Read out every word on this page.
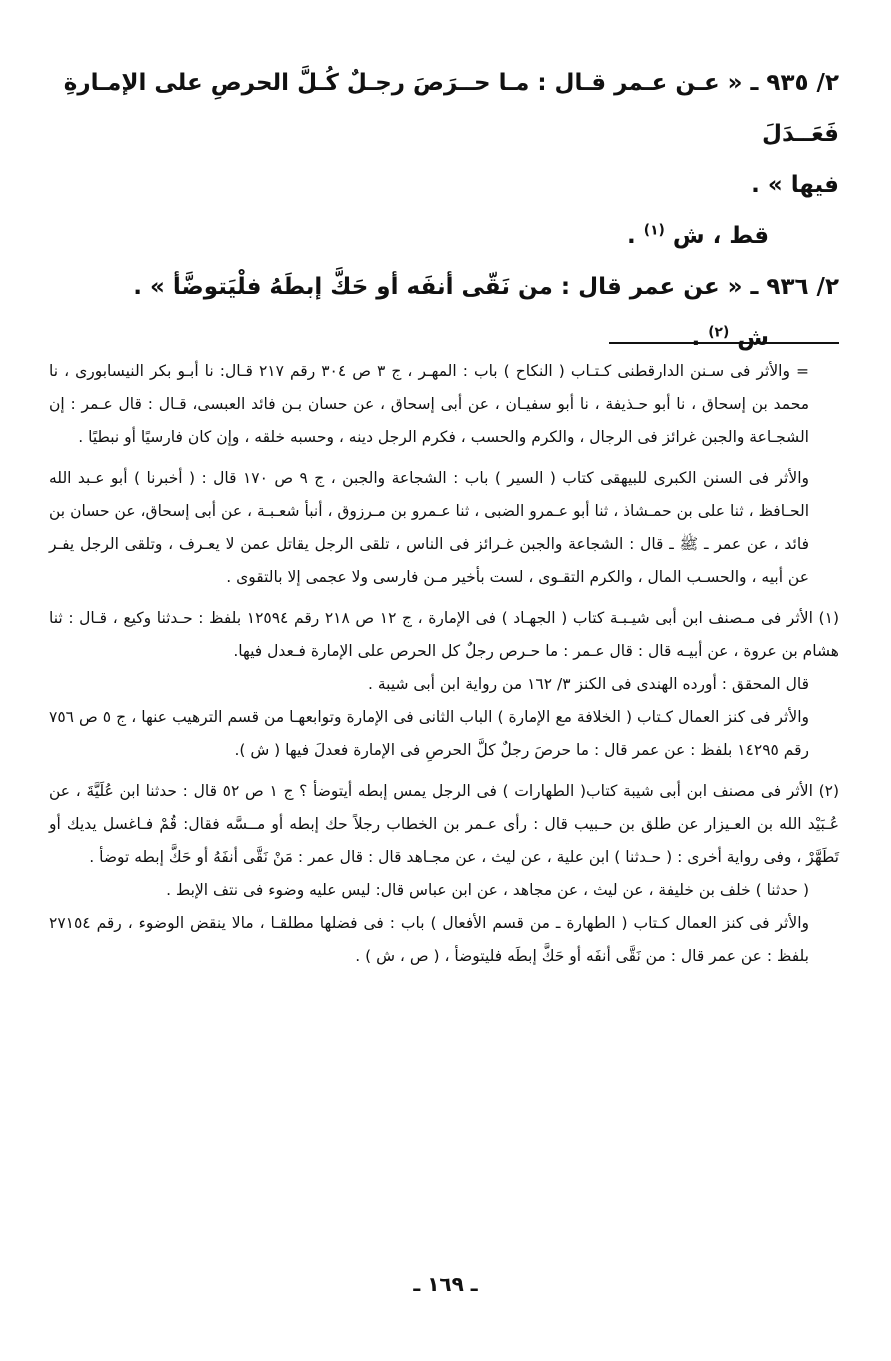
٢/ ٩٣٥ ـ « عـن عـمر قـال : مـا حــرَصَ رجـلٌ كُـلَّ الحرصِ على الإمـارةِ فَعَــدَلَ

فيها » .

قط ، ش $^{(١)}$ .

٢/ ٩٣٦ ـ « عن عمر قال : من نَقّى أنفَه أو حَكَّ إبطَهُ فلْيَتوضَّأ » .

ش $^{(٢)}$ .

= والأثر فى سـنن الدارقطنى كـتـاب ( النكاح ) باب : المهـر ، ج ٣ ص ٣٠٤ رقم ٢١٧ قـال: نا أبـو بكر النيسابورى ، نا محمد بن إسحاق ، نا أبو حـذيفة ، نا أبو سفيـان ، عن أبى إسحاق ، عن حسان بـن فائد العبسى، قـال : قال عـمر : إن الشجـاعة والجبن غرائز فى الرجال ، والكرم والحسب ، فكرم الرجل دينه ، وحسبه خلقه ، وإن كان فارسيًا أو نبطيًا .

والأثر فى السنن الكبرى للبيهقى كتاب ( السير ) باب : الشجاعة والجبن ، ج ٩ ص ١٧٠ قال : ( أخبرنا ) أبو عـبد الله الحـافظ ، ثنا على بن حمـشاذ ، ثنا أبو عـمرو الضبى ، ثنا عـمرو بن مـرزوق ، أنبأ شعـبـة ، عن أبى إسحاق، عن حسان بن فائد ، عن عمر ـ ﷺ ـ قال : الشجاعة والجبن غـرائز فى الناس ، تلقى الرجل يقاتل عمن لا يعـرف ، وتلقى الرجل يفـر عن أبيه ، والحسـب المال ، والكرم التقـوى ، لست بأخير مـن فارسى ولا عجمى إلا بالتقوى .

(١) الأثر فى مـصنف ابن أبى شيـبـة كتاب ( الجهـاد ) فى الإمارة ، ج ١٢ ص ٢١٨ رقم ١٢٥٩٤ بلفظ : حـدثنا وكيع ، قـال : ثنا هشام بن عروة ، عن أبيـه قال : قال عـمر : ما حـرص رجلٌ كل الحرص على الإمارة فـعدل فيها.

قال المحقق : أورده الهندى فى الكنز ٣/ ١٦٢ من رواية ابن أبى شيبة .

والأثر فى كنز العمال كـتاب ( الخلافة مع الإمارة ) الباب الثانى فى الإمارة وتوابعهـا من قسم الترهيب عنها ، ج ٥ ص ٧٥٦ رقم ١٤٢٩٥ بلفظ : عن عمر قال : ما حرصَ رجلٌ كلَّ الحرصِ فى الإمارة فعدلَ فيها ( ش ).

(٢) الأثر فى مصنف ابن أبى شيبة كتاب( الطهارات ) فى الرجل يمس إبطه أيتوضأ ؟ ج ١ ص ٥٢ قال : حدثنا ابن عُلَيَّةَ ، عن عُـبَيْد الله بن العـيزار عن طلق بن حـبيب قال : رأى عـمر بن الخطاب رجلاً حك إبطه أو مــسَّه فقال: قُمْ فـاغسل يديك أو تَطَهَّرْ ، وفى رواية أخرى : ( حـدثنا ) ابن علية ، عن ليث ، عن مجـاهد قال : قال عمر : مَنْ نَقَّى أنفَهُ أو حَكَّ إبطه توضأ .

( حدثنا ) خلف بن خليفة ، عن ليث ، عن مجاهد ، عن ابن عباس قال: ليس عليه وضوء فى نتف الإبط .

والأثر فى كنز العمال كـتاب ( الطهارة ـ من قسم الأفعال ) باب : فى فضلها مطلقـا ، مالا ينقض الوضوء ، رقم ٢٧١٥٤ بلفظ : عن عمر قال : من نَقَّى أنفَه أو حَكَّ إبطَه فليتوضأ ، ( ص ، ش ) .

ـ ١٦٩ ـ
